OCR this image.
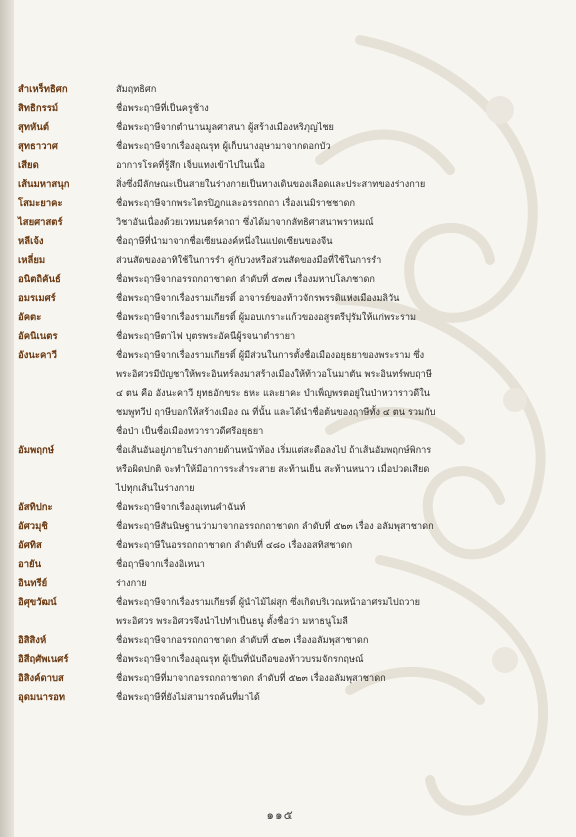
สำเหร็ทธิศก	สัมฤทธิศก
สิทธิกรรม์	ชื่อพระฤาษีที่เป็นครูช้าง
สุทหันต์	ชื่อพระฤาษีจากตำนานมูลศาสนา ผู้สร้างเมืองหริภุญไชย
สุทธาวาศ	ชื่อพระฤาษีจากเรื่องอุณรุท ผู้เก็บนางอุษามาจากดอกบัว
เสียด	อาการโรคที่รู้สึก เจ็บแทงเข้าไปในเนื้อ
เส้นมหาสนุก	สิ่งซึ่งมีลักษณะเป็นสายในร่างกายเป็นทางเดินของเลือดและประสาทของร่างกาย
โสมะยาคะ	ชื่อพระฤาษีจากพระไตรปิฎกและอรรถกถา เรื่องเนมิราชชาดก
ไสยศาสตร์	วิชาอันเนื่องด้วยเวทมนตร์คาถา ซึ่งได้มาจากลัทธิศาสนาพราหมณ์
หลีเจ้ง	ชื่อฤาษีที่นำมาจากชื่อเซียนองค์หนึ่งในแปดเซียนของจีน
เหลี่ยม	ส่วนสัดของอาทิใช้ในการรำ คู่กับวงหรือส่วนสัดของมือที่ใช้ในการรำ
อนิตถิคันธ์	ชื่อพระฤาษีจากอรรถกถาชาดก ลำดับที่ ๕๓๗ เรื่องมหาปโลภชาดก
อมรเมศร์	ชื่อพระฤาษีจากเรื่องรามเกียรติ์ อาจารย์ของท้าวจักรพรรดิแห่งเมืองมลิวัน
อัคตะ	ชื่อพระฤาษีจากเรื่องรามเกียรติ์ ผู้มอบเกราะแก้วของอสูรตรีปุรัมให้แก่พระราม
อัคนิเนตร	ชื่อพระฤาษีตาไฟ บุตรพระอัคนีผู้รจนาตำรายา
อังนะคาวี	ชื่อพระฤาษีจากเรื่องรามเกียรติ์ ผู้มีส่วนในการตั้งชื่อเมืองอยุธยาของพระราม ซึ่ง
พระอิศวรมีบัญชาให้พระอินทร์ลงมาสร้างเมืองให้ท้าวอโนมาตัน พระอินทร์พบฤาษี
๔ ตน คือ อังนะคาวี ยุทธอักขระ ธหะ และยาคะ บำเพ็ญพรตอยู่ในป่าหวาราวดีใน
ชมพูทวีป ฤาษีบอกให้สร้างเมือง ณ ที่นั้น และได้นำชื่อต้นของฤาษีทั้ง ๔ ตน รวมกับ
ชื่อป่า เป็นชื่อเมืองทวาราวดีศรีอยุธยา
อัมพฤกษ์	ชื่อเส้นอันอยู่ภายในร่างกายด้านหน้าท้อง เริ่มแต่สะดือลงไป ถ้าเส้นอัมพฤกษ์พิการ
หรือผิดปกติ จะทำให้มีอาการระส่ำระสาย สะท้านเย็น สะท้านหนาว เมื่อปวดเสียด
ไปทุกเส้นในร่างกาย
อัสทิปกะ	ชื่อพระฤาษีจากเรื่องอุเทนคำฉันท์
อัศวมุชิ	ชื่อพระฤาษีสันนิษฐานว่ามาจากอรรถกถาชาดก ลำดับที่ ๕๒๓ เรื่อง อลัมพุสาชาดก
อัศทิส	ชื่อพระฤาษีในอรรถกถาชาดก ลำดับที่ ๔๘๐ เรื่องอสทิสชาดก
อายัน	ชื่อฤาษีจากเรื่องอิเหนา
อินทรีย์	ร่างกาย
อิศุขวัฒน์	ชื่อพระฤาษีจากเรื่องรามเกียรติ์ ผู้นำไม้ไผ่สุก ซึ่งเกิดบริเวณหน้าอาศรมไปถวาย
พระอิศวร พระอิศวรจึงนำไปทำเป็นธนู ตั้งชื่อว่า มหาธนูโมลี
อิสิสิงห์	ชื่อพระฤาษีจากอรรถกถาชาดก ลำดับที่ ๕๒๓ เรื่องอลัมพุสาชาดก
อิสีฤศัพเนศร์	ชื่อพระฤาษีจากเรื่องอุณรุท ผู้เป็นที่นับถือของท้าวบรมจักรกฤษณ์
อิสิงค์ดาบส	ชื่อพระฤาษีที่มาจากอรรถกถาชาดก ลำดับที่ ๕๒๓ เรื่องอลัมพุสาชาดก
อุดมนารอท	ชื่อพระฤาษีที่ยังไม่สามารถค้นที่มาได้
๑๑๕
